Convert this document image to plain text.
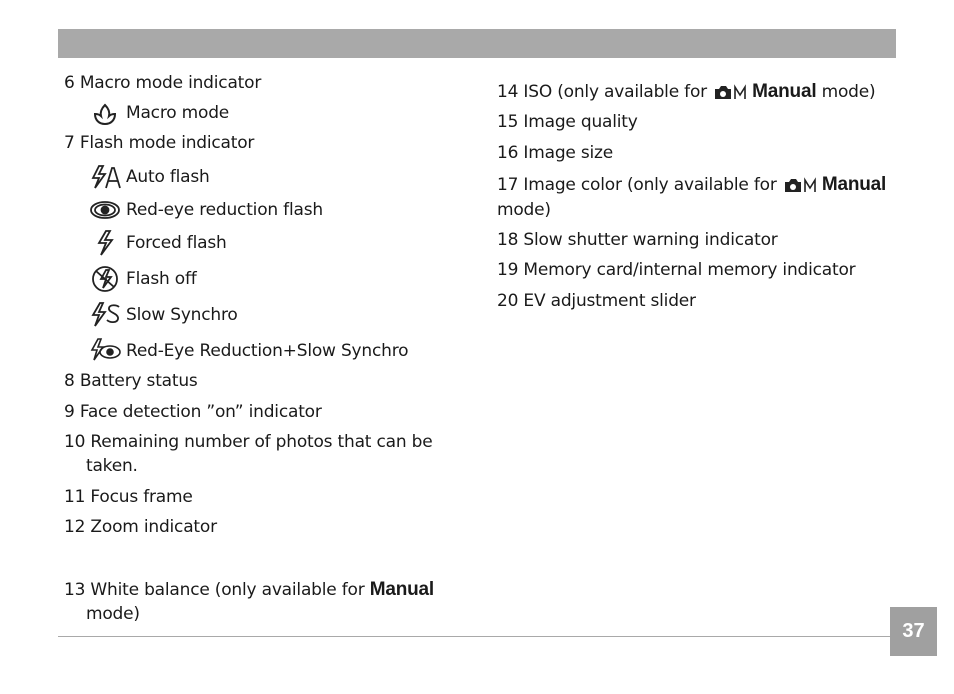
6 Macro mode indicator
Macro mode
7 Flash mode indicator
Auto flash
Red-eye reduction flash
Forced flash
Flash off
Slow Synchro
Red-Eye Reduction+Slow Synchro
8 Battery status
9 Face detection ”on” indicator
10 Remaining number of photos that can be
taken.
11 Focus frame
12 Zoom indicator
13 White balance (only available for Manual
mode)
14 ISO (only available for Manual mode)
15 Image quality
16 Image size
17 Image color (only available for Manual
mode)
18 Slow shutter warning indicator
19 Memory card/internal memory indicator
20 EV adjustment slider
37
